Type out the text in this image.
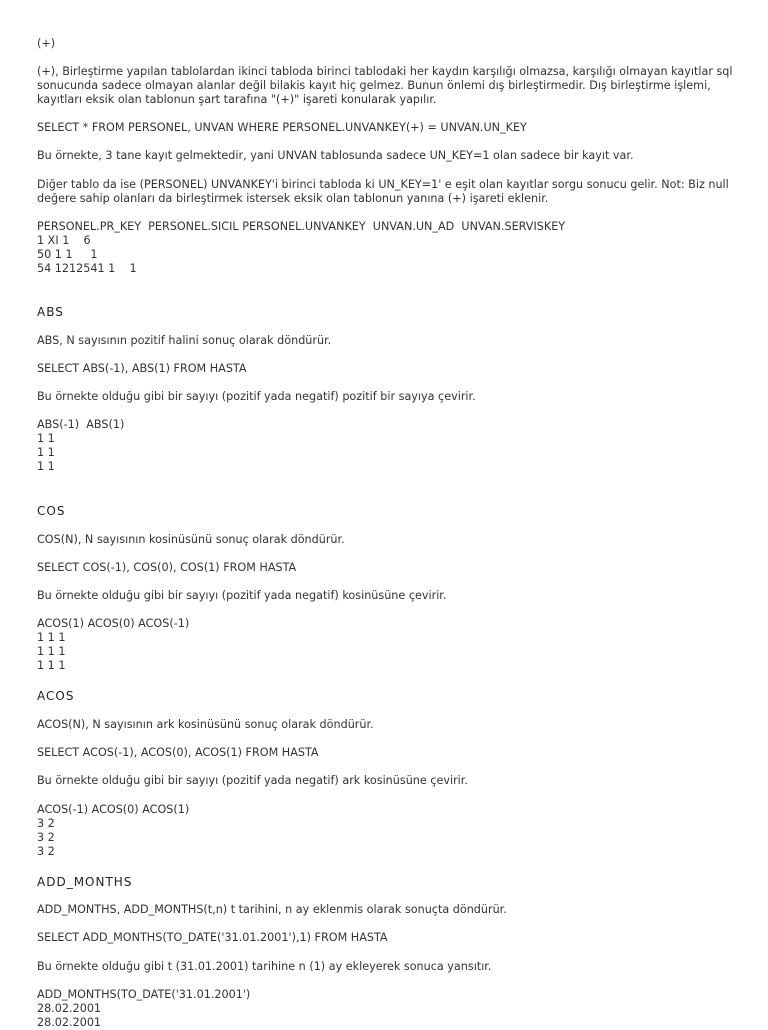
(+)

(+), Birleştirme yapılan tablolardan ikinci tabloda birinci tablodaki her kaydın karşılığı olmazsa, karşılığı olmayan kayıtlar sql sonucunda sadece olmayan alanlar değil bilakis kayıt hiç gelmez. Bunun önlemi dış birleştirmedir. Dış birleştirme işlemi, kayıtları eksik olan tablonun şart tarafına "(+)" işareti konularak yapılır.

SELECT * FROM PERSONEL, UNVAN WHERE PERSONEL.UNVANKEY(+) = UNVAN.UN_KEY

Bu örnekte, 3 tane kayıt gelmektedir, yani UNVAN tablosunda sadece UN_KEY=1 olan sadece bir kayıt var.

Diğer tablo da ise (PERSONEL) UNVANKEY'i birinci tabloda ki UN_KEY=1' e eşit olan kayıtlar sorgu sonucu gelir. Not: Biz null değere sahip olanları da birleştirmek istersek eksik olan tablonun yanına (+) işareti eklenir.

PERSONEL.PR_KEY  PERSONEL.SICIL PERSONEL.UNVANKEY  UNVAN.UN_AD  UNVAN.SERVISKEY

1 XI 1    6

50 1 1     1

54 1212541 1    1

ABS

ABS, N sayısının pozitif halini sonuç olarak döndürür.

SELECT ABS(-1), ABS(1) FROM HASTA

Bu örnekte olduğu gibi bir sayıyı (pozitif yada negatif) pozitif bir sayıya çevirir.

ABS(-1)  ABS(1)

1 1

1 1

1 1

COS

COS(N), N sayısının kosinüsünü sonuç olarak döndürür.

SELECT COS(-1), COS(0), COS(1) FROM HASTA

Bu örnekte olduğu gibi bir sayıyı (pozitif yada negatif) kosinüsüne çevirir.

ACOS(1) ACOS(0) ACOS(-1)

1 1 1

1 1 1

1 1 1

ACOS

ACOS(N), N sayısının ark kosinüsünü sonuç olarak döndürür.

SELECT ACOS(-1), ACOS(0), ACOS(1) FROM HASTA

Bu örnekte olduğu gibi bir sayıyı (pozitif yada negatif) ark kosinüsüne çevirir.

ACOS(-1) ACOS(0) ACOS(1)

3 2

3 2

3 2

ADD_MONTHS

ADD_MONTHS, ADD_MONTHS(t,n) t tarihini, n ay eklenmis olarak sonuçta döndürür.

SELECT ADD_MONTHS(TO_DATE('31.01.2001'),1) FROM HASTA

Bu örnekte olduğu gibi t (31.01.2001) tarihine n (1) ay ekleyerek sonuca yansıtır.

ADD_MONTHS(TO_DATE('31.01.2001')

28.02.2001

28.02.2001
